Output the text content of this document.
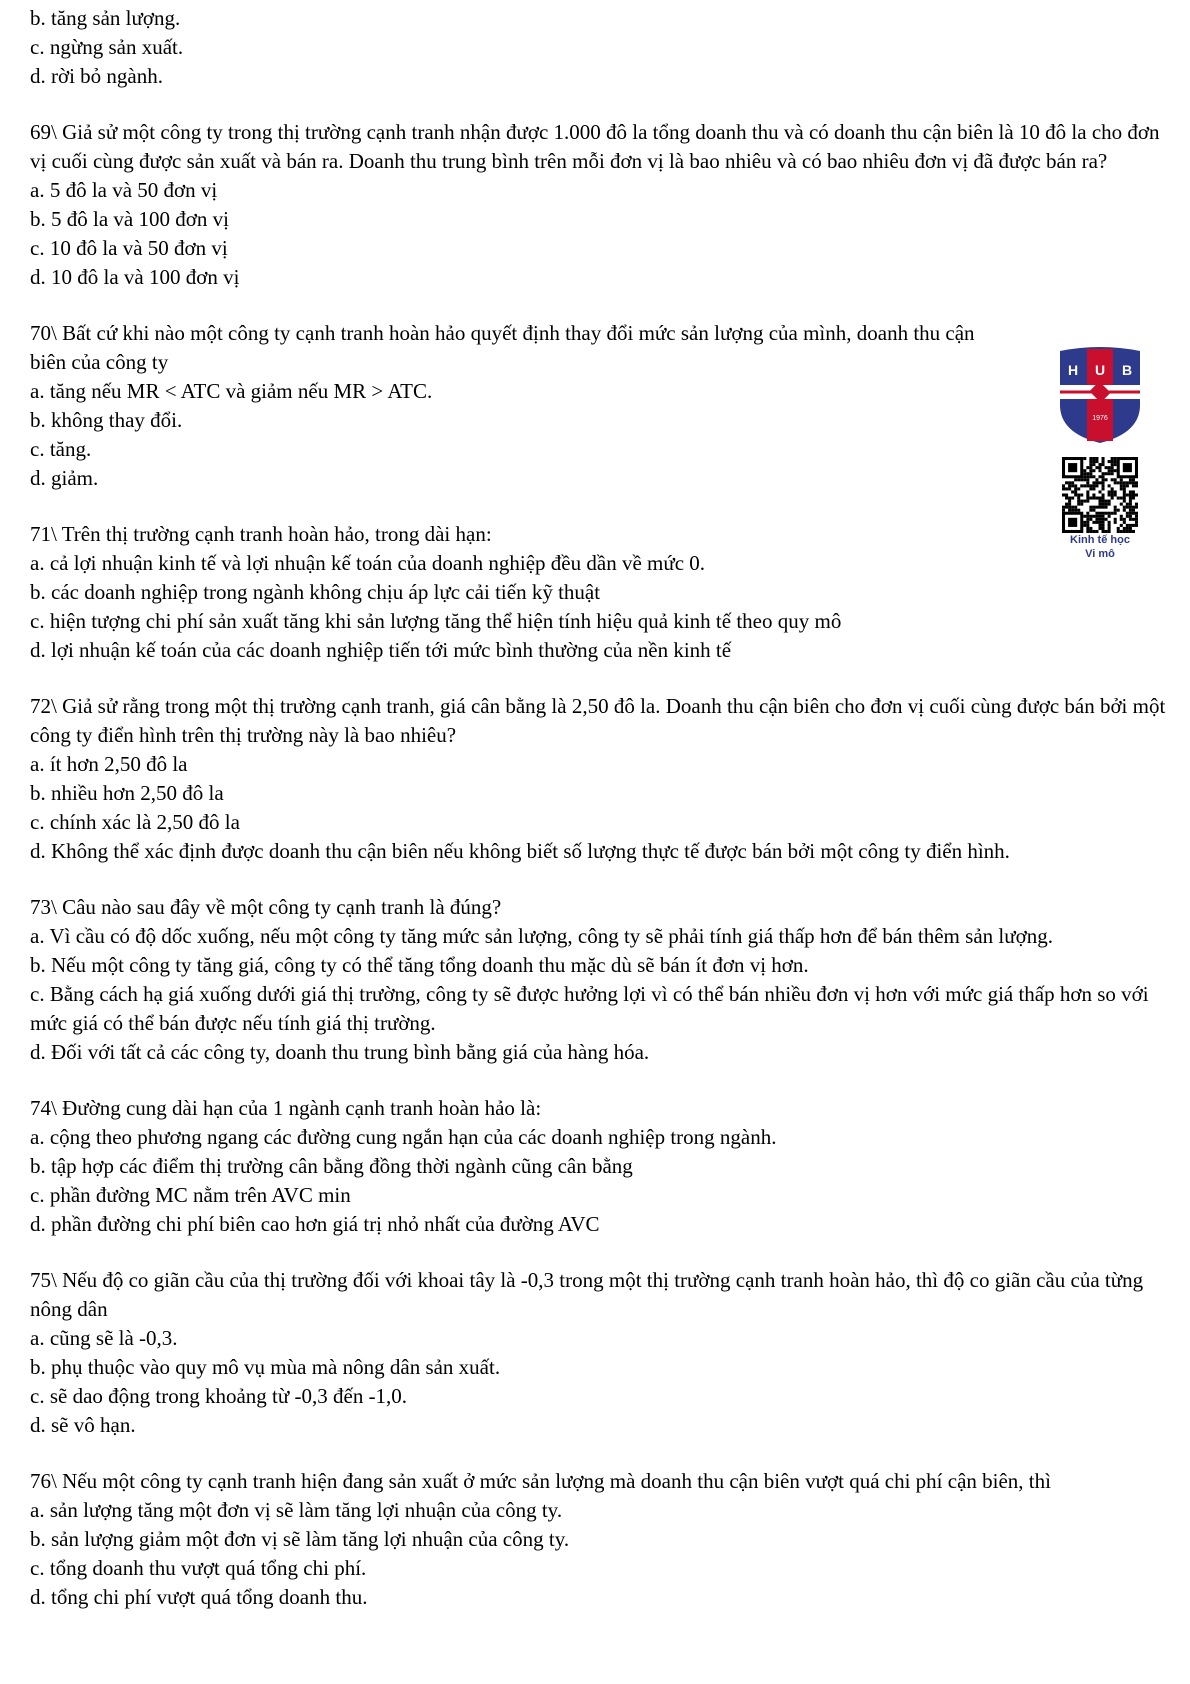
b. tăng sản lượng.

c. ngừng sản xuất.

d. rời bỏ ngành.

69\ Giả sử một công ty trong thị trường cạnh tranh nhận được 1.000 đô la tổng doanh thu và có doanh thu cận biên là 10 đô la cho đơn vị cuối cùng được sản xuất và bán ra. Doanh thu trung bình trên mỗi đơn vị là bao nhiêu và có bao nhiêu đơn vị đã được bán ra?

a. 5 đô la và 50 đơn vị

b. 5 đô la và 100 đơn vị

c. 10 đô la và 50 đơn vị

d. 10 đô la và 100 đơn vị

70\ Bất cứ khi nào một công ty cạnh tranh hoàn hảo quyết định thay đổi mức sản lượng của mình, doanh thu cận biên của công ty

a. tăng nếu MR < ATC và giảm nếu MR > ATC.

b. không thay đổi.

c. tăng.

d. giảm.

71\ Trên thị trường cạnh tranh hoàn hảo, trong dài hạn:

a. cả lợi nhuận kinh tế và lợi nhuận kế toán của doanh nghiệp đều dần về mức 0.

b. các doanh nghiệp trong ngành không chịu áp lực cải tiến kỹ thuật

c. hiện tượng chi phí sản xuất tăng khi sản lượng tăng thể hiện tính hiệu quả kinh tế theo quy mô

d. lợi nhuận kế toán của các doanh nghiệp tiến tới mức bình thường của nền kinh tế

72\ Giả sử rằng trong một thị trường cạnh tranh, giá cân bằng là 2,50 đô la. Doanh thu cận biên cho đơn vị cuối cùng được bán bởi một công ty điển hình trên thị trường này là bao nhiêu?

a. ít hơn 2,50 đô la

b. nhiều hơn 2,50 đô la

c. chính xác là 2,50 đô la

d. Không thể xác định được doanh thu cận biên nếu không biết số lượng thực tế được bán bởi một công ty điển hình.

73\ Câu nào sau đây về một công ty cạnh tranh là đúng?

a. Vì cầu có độ dốc xuống, nếu một công ty tăng mức sản lượng, công ty sẽ phải tính giá thấp hơn để bán thêm sản lượng.

b. Nếu một công ty tăng giá, công ty có thể tăng tổng doanh thu mặc dù sẽ bán ít đơn vị hơn.

c. Bằng cách hạ giá xuống dưới giá thị trường, công ty sẽ được hưởng lợi vì có thể bán nhiều đơn vị hơn với mức giá thấp hơn so với mức giá có thể bán được nếu tính giá thị trường.

d. Đối với tất cả các công ty, doanh thu trung bình bằng giá của hàng hóa.

74\ Đường cung dài hạn của 1 ngành cạnh tranh hoàn hảo là:

a. cộng theo phương ngang các đường cung ngắn hạn của các doanh nghiệp trong ngành.

b. tập hợp các điểm thị trường cân bằng đồng thời ngành cũng cân bằng

c. phần đường MC nằm trên AVC min

d. phần đường chi phí biên cao hơn giá trị nhỏ nhất của đường AVC

75\ Nếu độ co giãn cầu của thị trường đối với khoai tây là -0,3 trong một thị trường cạnh tranh hoàn hảo, thì độ co giãn cầu của từng nông dân

a. cũng sẽ là -0,3.

b. phụ thuộc vào quy mô vụ mùa mà nông dân sản xuất.

c. sẽ dao động trong khoảng từ -0,3 đến -1,0.

d. sẽ vô hạn.

76\ Nếu một công ty cạnh tranh hiện đang sản xuất ở mức sản lượng mà doanh thu cận biên vượt quá chi phí cận biên, thì

a. sản lượng tăng một đơn vị sẽ làm tăng lợi nhuận của công ty.

b. sản lượng giảm một đơn vị sẽ làm tăng lợi nhuận của công ty.

c. tổng doanh thu vượt quá tổng chi phí.

d. tổng chi phí vượt quá tổng doanh thu.

H U B
1976
Kinh tế học
Vi mô
